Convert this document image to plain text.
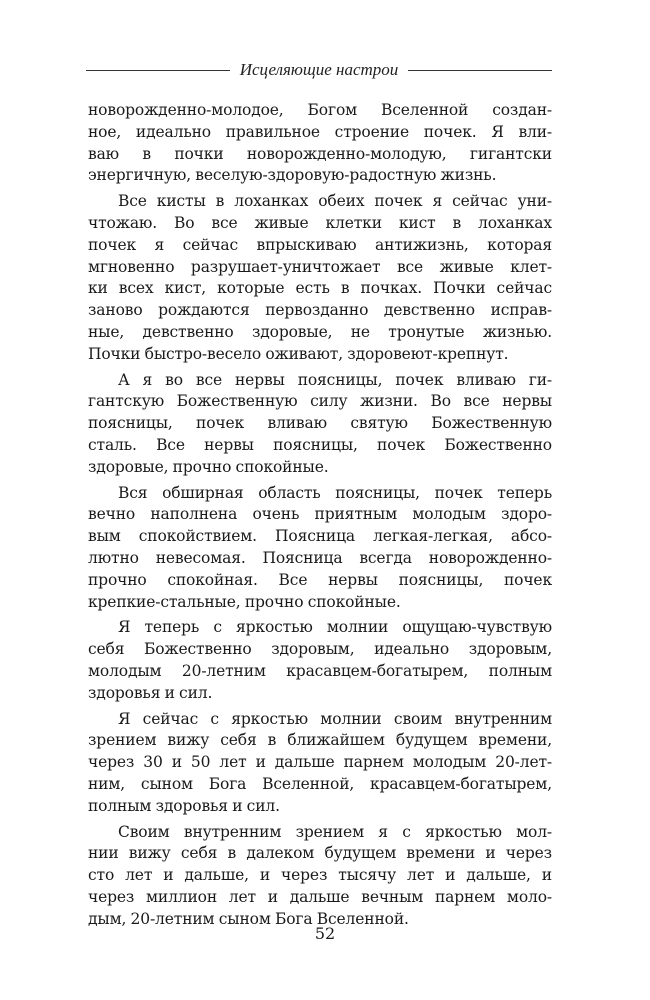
Исцеляющие настрои

новорожденно-молодое, Богом Вселенной создан-
ное, идеально правильное строение почек. Я вли-
ваю в почки новорожденно-молодую, гигантски
энергичную, веселую-здоровую-радостную жизнь.

Все кисты в лоханках обеих почек я сейчас уни-
чтожаю. Во все живые клетки кист в лоханках
почек я сейчас впрыскиваю антижизнь, которая
мгновенно разрушает-уничтожает все живые клет-
ки всех кист, которые есть в почках. Почки сейчас
заново рождаются первозданно девственно исправ-
ные, девственно здоровые, не тронутые жизнью.
Почки быстро-весело оживают, здоровеют-крепнут.

А я во все нервы поясницы, почек вливаю ги-
гантскую Божественную силу жизни. Во все нервы
поясницы, почек вливаю святую Божественную
сталь. Все нервы поясницы, почек Божественно
здоровые, прочно спокойные.

Вся обширная область поясницы, почек теперь
вечно наполнена очень приятным молодым здоро-
вым спокойствием. Поясница легкая-легкая, абсо-
лютно невесомая. Поясница всегда новорожденно-
прочно спокойная. Все нервы поясницы, почек
крепкие-стальные, прочно спокойные.

Я теперь с яркостью молнии ощущаю-чувствую
себя Божественно здоровым, идеально здоровым,
молодым 20-летним красавцем-богатырем, полным
здоровья и сил.

Я сейчас с яркостью молнии своим внутренним
зрением вижу себя в ближайшем будущем времени,
через 30 и 50 лет и дальше парнем молодым 20-лет-
ним, сыном Бога Вселенной, красавцем-богатырем,
полным здоровья и сил.

Своим внутренним зрением я с яркостью мол-
нии вижу себя в далеком будущем времени и через
сто лет и дальше, и через тысячу лет и дальше, и
через миллион лет и дальше вечным парнем моло-
дым, 20-летним сыном Бога Вселенной.

52
